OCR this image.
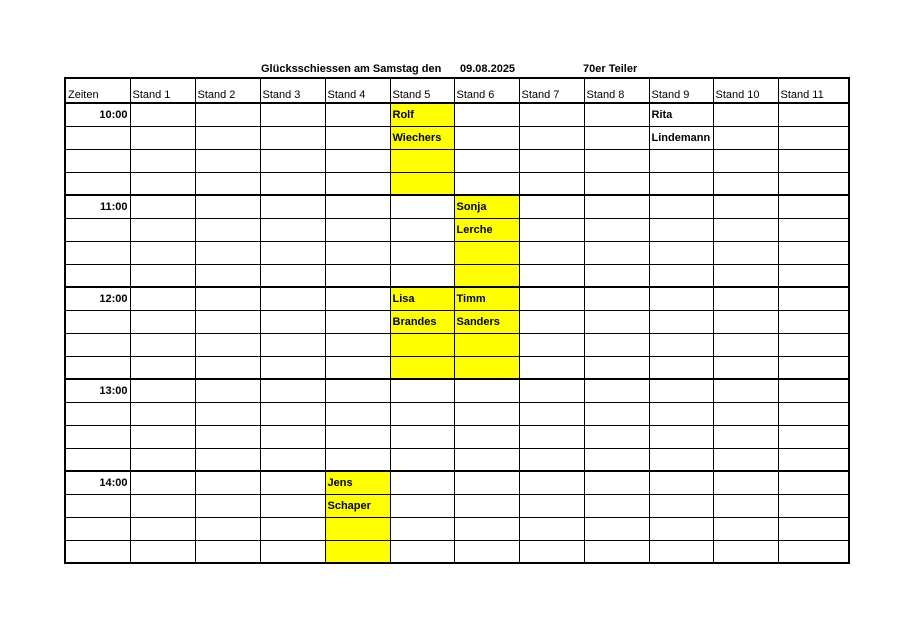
Glücksschiessen am Samstag den 09.08.2025	70er Teiler
Zeiten	Stand 1	Stand 2	Stand 3	Stand 4	Stand 5	Stand 6	Stand 7	Stand 8	Stand 9	Stand 10	Stand 11
10:00					Rolf				Rita		
					Wiechers				Lindemann		

11:00						Sonja					
						Lerche					

12:00					Lisa	Timm					
					Brandes	Sanders					

13:00											

14:00				Jens							
				Schaper							
